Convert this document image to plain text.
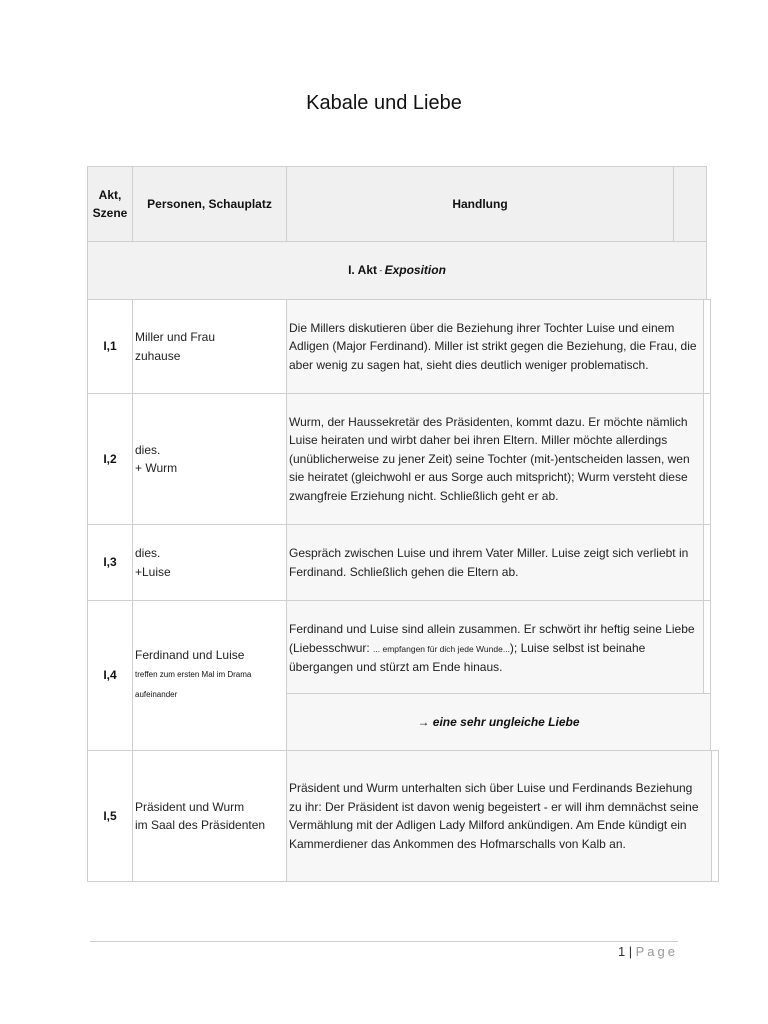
Kabale und Liebe
Akt,
Szene
Personen, Schauplatz	Handlung
I. Akt - Exposition
I,1
Miller und Frau
zuhause
Die Millers diskutieren über die Beziehung ihrer Tochter Luise und einem Adligen (Major Ferdinand). Miller ist strikt gegen die Beziehung, die Frau, die aber wenig zu sagen hat, sieht dies deutlich weniger problematisch.
I,2
dies.
+ Wurm
Wurm, der Haussekretär des Präsidenten, kommt dazu. Er möchte nämlich Luise heiraten und wirbt daher bei ihren Eltern. Miller möchte allerdings (unüblicherweise zu jener Zeit) seine Tochter (mit-)entscheiden lassen, wen sie heiratet (gleichwohl er aus Sorge auch mitspricht); Wurm versteht diese zwangfreie Erziehung nicht. Schließlich geht er ab.
I,3
dies.
+Luise
Gespräch zwischen Luise und ihrem Vater Miller. Luise zeigt sich verliebt in Ferdinand. Schließlich gehen die Eltern ab.
I,4
Ferdinand und Luise
treffen zum ersten Mal im Drama aufeinander
Ferdinand und Luise sind allein zusammen. Er schwört ihr heftig seine Liebe (Liebesschwur: ... empfangen für dich jede Wunde...); Luise selbst ist beinahe übergangen und stürzt am Ende hinaus.
→ eine sehr ungleiche Liebe
I,5
Präsident und Wurm
im Saal des Präsidenten
Präsident und Wurm unterhalten sich über Luise und Ferdinands Beziehung zu ihr: Der Präsident ist davon wenig begeistert - er will ihm demnächst seine Vermählung mit der Adligen Lady Milford ankündigen. Am Ende kündigt ein Kammerdiener das Ankommen des Hofmarschalls von Kalb an.
1 | Page
